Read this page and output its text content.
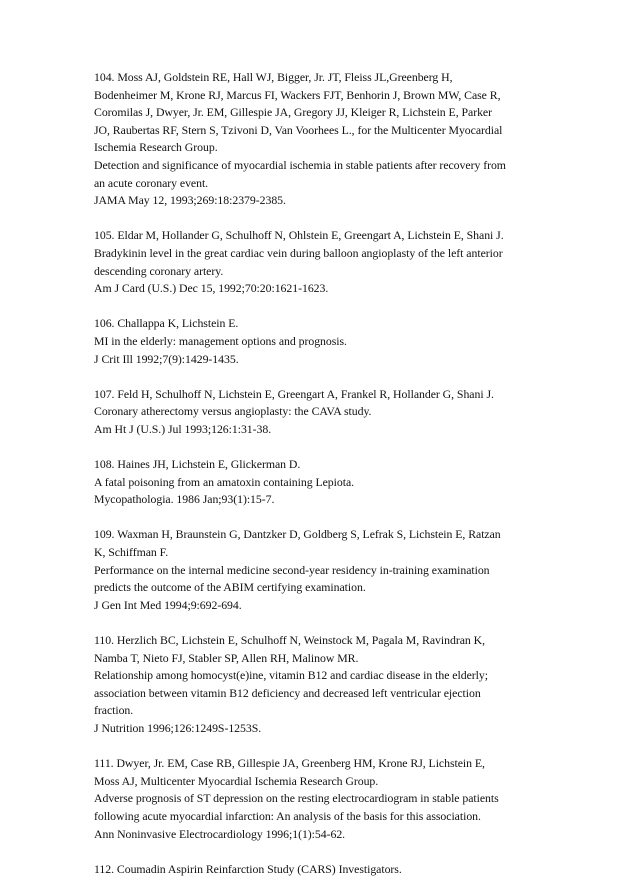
104. Moss AJ, Goldstein RE, Hall WJ, Bigger, Jr. JT, Fleiss JL,Greenberg H,
Bodenheimer M, Krone RJ, Marcus FI, Wackers FJT, Benhorin J, Brown MW, Case R,
Coromilas J, Dwyer, Jr. EM, Gillespie JA, Gregory JJ, Kleiger R, Lichstein E, Parker
JO, Raubertas RF, Stern S, Tzivoni D, Van Voorhees L., for the Multicenter Myocardial
Ischemia Research Group.
Detection and significance of myocardial ischemia in stable patients after recovery from
an acute coronary event.
JAMA May 12, 1993;269:18:2379-2385.
105. Eldar M, Hollander G, Schulhoff N, Ohlstein E, Greengart A, Lichstein E, Shani J.
Bradykinin level in the great cardiac vein during balloon angioplasty of the left anterior
descending coronary artery.
Am J Card (U.S.) Dec 15, 1992;70:20:1621-1623.
106. Challappa K, Lichstein E.
MI in the elderly: management options and prognosis.
J Crit Ill 1992;7(9):1429-1435.
107. Feld H, Schulhoff N, Lichstein E, Greengart A, Frankel R, Hollander G, Shani J.
Coronary atherectomy versus angioplasty: the CAVA study.
Am Ht J (U.S.) Jul 1993;126:1:31-38.
108. Haines JH, Lichstein E, Glickerman D.
A fatal poisoning from an amatoxin containing Lepiota.
Mycopathologia. 1986 Jan;93(1):15-7.
109. Waxman H, Braunstein G, Dantzker D, Goldberg S, Lefrak S, Lichstein E, Ratzan
K, Schiffman F.
Performance on the internal medicine second-year residency in-training examination
predicts the outcome of the ABIM certifying examination.
J Gen Int Med 1994;9:692-694.
110. Herzlich BC, Lichstein E, Schulhoff N, Weinstock M, Pagala M, Ravindran K,
Namba T, Nieto FJ, Stabler SP, Allen RH, Malinow MR.
Relationship among homocyst(e)ine, vitamin B12 and cardiac disease in the elderly;
association between vitamin B12 deficiency and decreased left ventricular ejection
fraction.
J Nutrition 1996;126:1249S-1253S.
111. Dwyer, Jr. EM, Case RB, Gillespie JA, Greenberg HM, Krone RJ, Lichstein E,
Moss AJ, Multicenter Myocardial Ischemia Research Group.
Adverse prognosis of ST depression on the resting electrocardiogram in stable patients
following acute myocardial infarction: An analysis of the basis for this association.
Ann Noninvasive Electrocardiology 1996;1(1):54-62.
112. Coumadin Aspirin Reinfarction Study (CARS) Investigators.
